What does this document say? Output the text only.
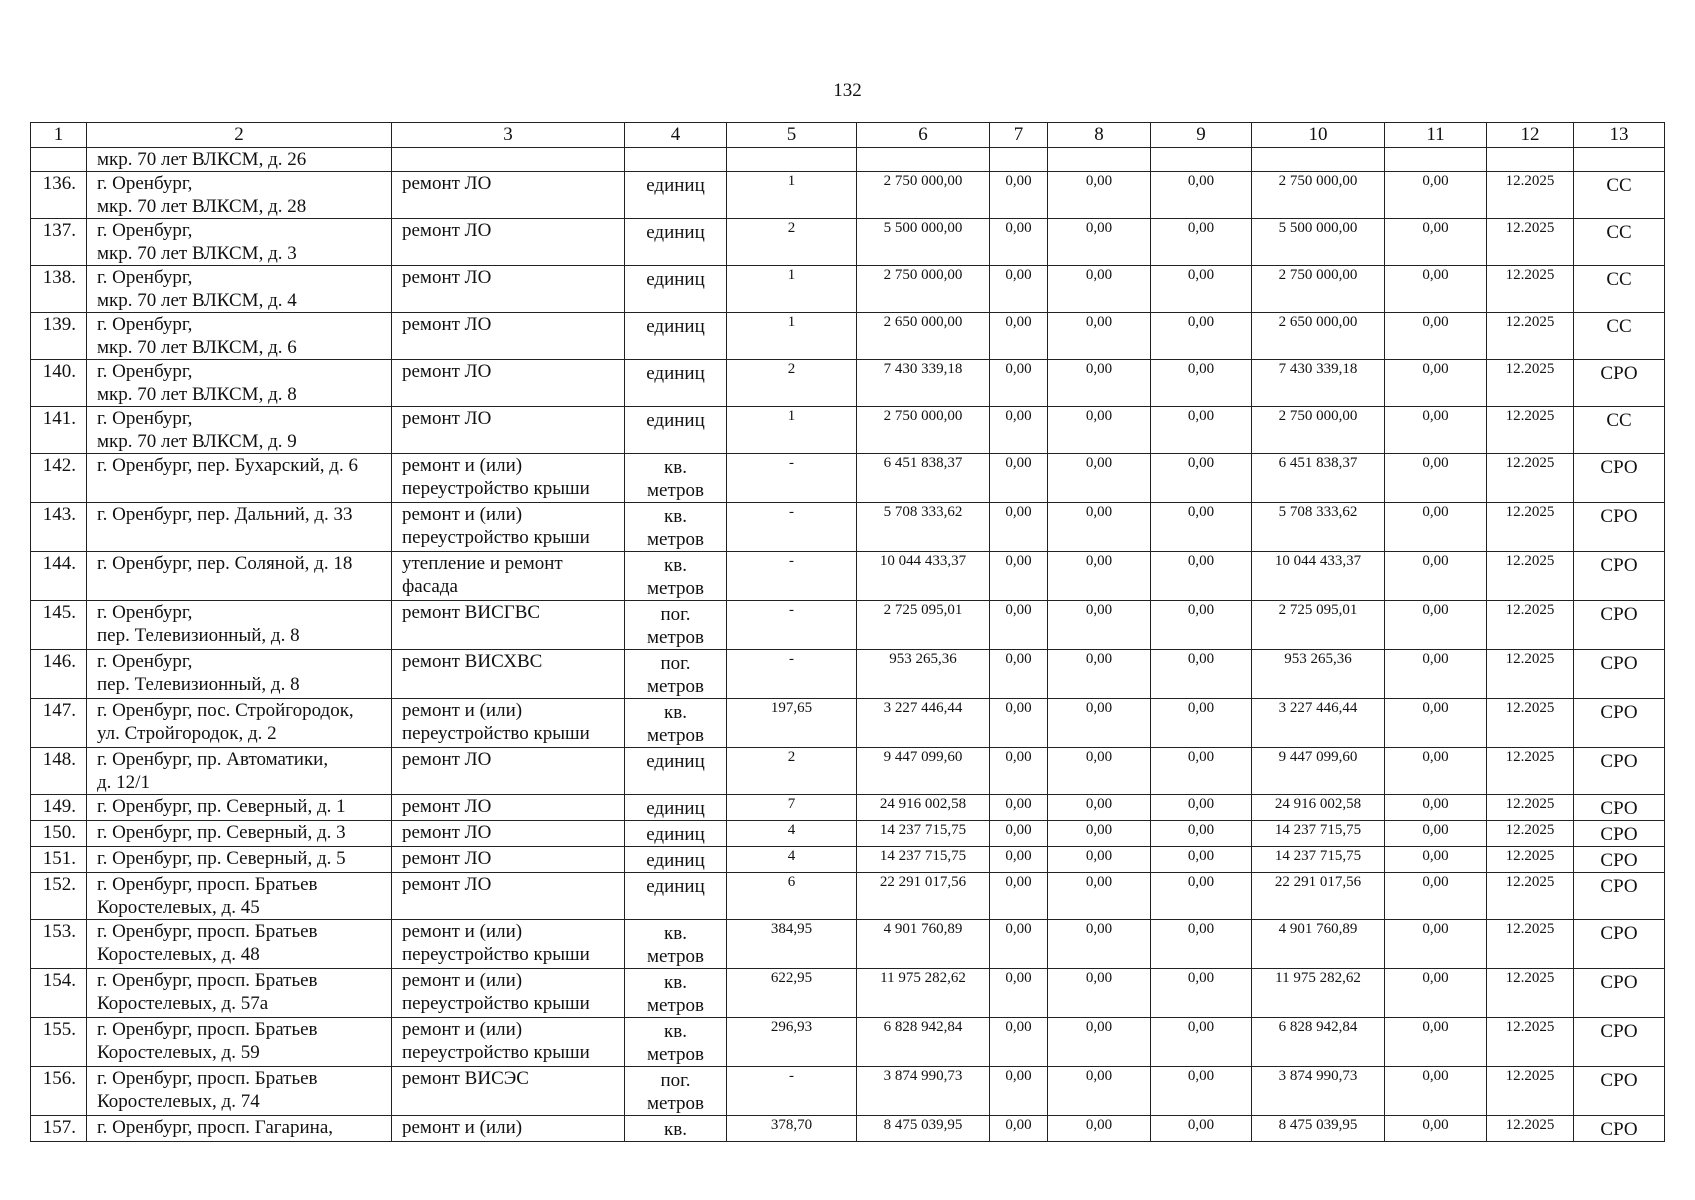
132
1	2	3	4	5	6	7	8	9	10	11	12	13
	мкр. 70 лет ВЛКСМ, д. 26											
136.	г. Оренбург,
мкр. 70 лет ВЛКСМ, д. 28	ремонт ЛО	единиц	1	2 750 000,00	0,00	0,00	0,00	2 750 000,00	0,00	12.2025	СС
137.	г. Оренбург,
мкр. 70 лет ВЛКСМ, д. 3	ремонт ЛО	единиц	2	5 500 000,00	0,00	0,00	0,00	5 500 000,00	0,00	12.2025	СС
138.	г. Оренбург,
мкр. 70 лет ВЛКСМ, д. 4	ремонт ЛО	единиц	1	2 750 000,00	0,00	0,00	0,00	2 750 000,00	0,00	12.2025	СС
139.	г. Оренбург,
мкр. 70 лет ВЛКСМ, д. 6	ремонт ЛО	единиц	1	2 650 000,00	0,00	0,00	0,00	2 650 000,00	0,00	12.2025	СС
140.	г. Оренбург,
мкр. 70 лет ВЛКСМ, д. 8	ремонт ЛО	единиц	2	7 430 339,18	0,00	0,00	0,00	7 430 339,18	0,00	12.2025	СРО
141.	г. Оренбург,
мкр. 70 лет ВЛКСМ, д. 9	ремонт ЛО	единиц	1	2 750 000,00	0,00	0,00	0,00	2 750 000,00	0,00	12.2025	СС
142.	г. Оренбург, пер. Бухарский, д. 6	ремонт и (или)
переустройство крыши	кв.
метров	-	6 451 838,37	0,00	0,00	0,00	6 451 838,37	0,00	12.2025	СРО
143.	г. Оренбург, пер. Дальний, д. 33	ремонт и (или)
переустройство крыши	кв.
метров	-	5 708 333,62	0,00	0,00	0,00	5 708 333,62	0,00	12.2025	СРО
144.	г. Оренбург, пер. Соляной, д. 18	утепление и ремонт
фасада	кв.
метров	-	10 044 433,37	0,00	0,00	0,00	10 044 433,37	0,00	12.2025	СРО
145.	г. Оренбург,
пер. Телевизионный, д. 8	ремонт ВИСГВС	пог.
метров	-	2 725 095,01	0,00	0,00	0,00	2 725 095,01	0,00	12.2025	СРО
146.	г. Оренбург,
пер. Телевизионный, д. 8	ремонт ВИСХВС	пог.
метров	-	953 265,36	0,00	0,00	0,00	953 265,36	0,00	12.2025	СРО
147.	г. Оренбург, пос. Стройгородок,
ул. Стройгородок, д. 2	ремонт и (или)
переустройство крыши	кв.
метров	197,65	3 227 446,44	0,00	0,00	0,00	3 227 446,44	0,00	12.2025	СРО
148.	г. Оренбург, пр. Автоматики,
д. 12/1	ремонт ЛО	единиц	2	9 447 099,60	0,00	0,00	0,00	9 447 099,60	0,00	12.2025	СРО
149.	г. Оренбург, пр. Северный, д. 1	ремонт ЛО	единиц	7	24 916 002,58	0,00	0,00	0,00	24 916 002,58	0,00	12.2025	СРО
150.	г. Оренбург, пр. Северный, д. 3	ремонт ЛО	единиц	4	14 237 715,75	0,00	0,00	0,00	14 237 715,75	0,00	12.2025	СРО
151.	г. Оренбург, пр. Северный, д. 5	ремонт ЛО	единиц	4	14 237 715,75	0,00	0,00	0,00	14 237 715,75	0,00	12.2025	СРО
152.	г. Оренбург, просп. Братьев
Коростелевых, д. 45	ремонт ЛО	единиц	6	22 291 017,56	0,00	0,00	0,00	22 291 017,56	0,00	12.2025	СРО
153.	г. Оренбург, просп. Братьев
Коростелевых, д. 48	ремонт и (или)
переустройство крыши	кв.
метров	384,95	4 901 760,89	0,00	0,00	0,00	4 901 760,89	0,00	12.2025	СРО
154.	г. Оренбург, просп. Братьев
Коростелевых, д. 57а	ремонт и (или)
переустройство крыши	кв.
метров	622,95	11 975 282,62	0,00	0,00	0,00	11 975 282,62	0,00	12.2025	СРО
155.	г. Оренбург, просп. Братьев
Коростелевых, д. 59	ремонт и (или)
переустройство крыши	кв.
метров	296,93	6 828 942,84	0,00	0,00	0,00	6 828 942,84	0,00	12.2025	СРО
156.	г. Оренбург, просп. Братьев
Коростелевых, д. 74	ремонт ВИСЭС	пог.
метров	-	3 874 990,73	0,00	0,00	0,00	3 874 990,73	0,00	12.2025	СРО
157.	г. Оренбург, просп. Гагарина,	ремонт и (или)	кв.	378,70	8 475 039,95	0,00	0,00	0,00	8 475 039,95	0,00	12.2025	СРО
